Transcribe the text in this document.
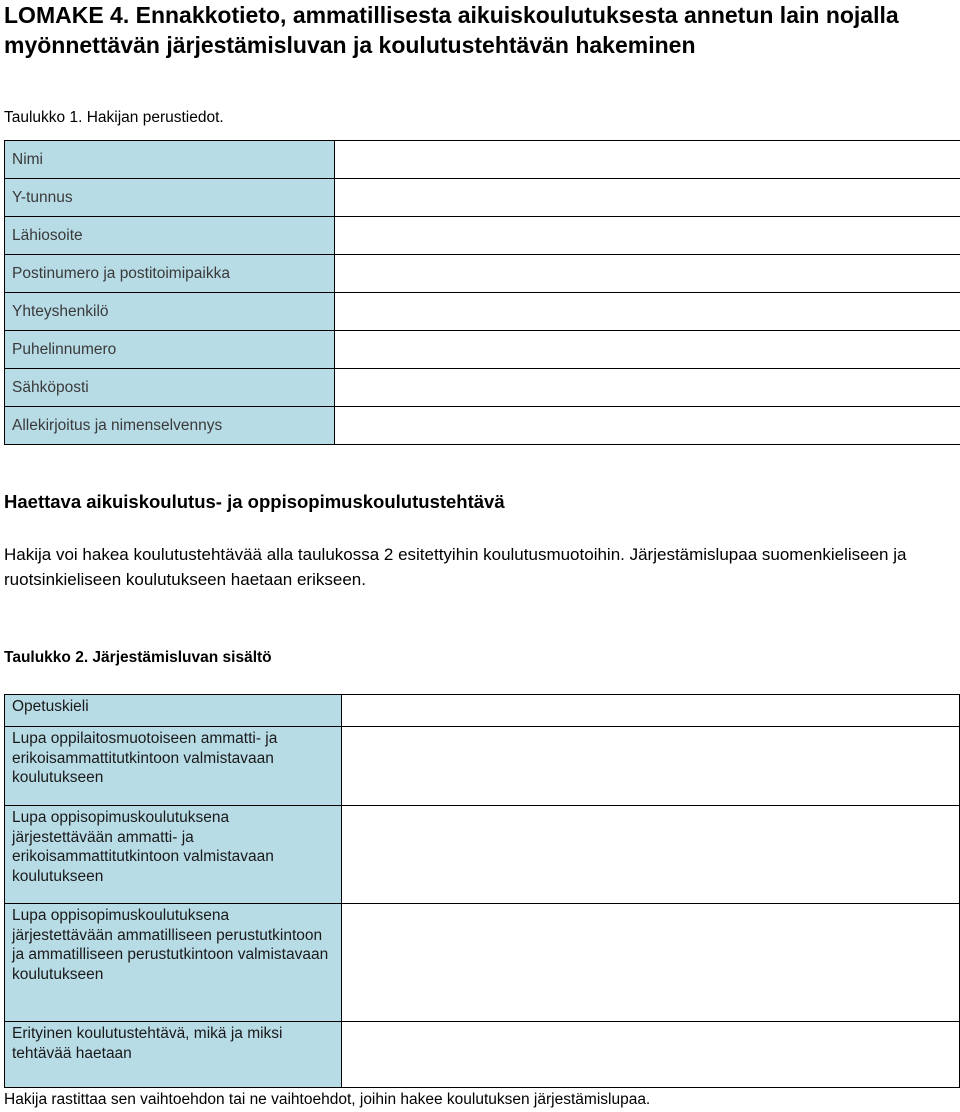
LOMAKE 4. Ennakkotieto, ammatillisesta aikuiskoulutuksesta annetun lain nojalla myönnettävän järjestämisluvan ja koulutustehtävän hakeminen

Taulukko 1. Hakijan perustiedot.

Nimi	
Y-tunnus	
Lähiosoite	
Postinumero ja postitoimipaikka	
Yhteyshenkilö	
Puhelinnumero	
Sähköposti	
Allekirjoitus ja nimenselvennys	
Haettava aikuiskoulutus- ja oppisopimuskoulutustehtävä

Hakija voi hakea koulutustehtävää alla taulukossa 2 esitettyihin koulutusmuotoihin. Järjestämislupaa suomenkieliseen ja ruotsinkieliseen koulutukseen haetaan erikseen.

Taulukko 2. Järjestämisluvan sisältö

Opetuskieli	
Lupa oppilaitosmuotoiseen ammatti- ja erikoisammattitutkintoon valmistavaan koulutukseen	
Lupa oppisopimuskoulutuksena järjestettävään ammatti- ja erikoisammattitutkintoon valmistavaan koulutukseen	
Lupa oppisopimuskoulutuksena järjestettävään ammatilliseen perustutkintoon ja ammatilliseen perustutkintoon valmistavaan koulutukseen	
Erityinen koulutustehtävä, mikä ja miksi tehtävää haetaan	

Hakija rastittaa sen vaihtoehdon tai ne vaihtoehdot, joihin hakee koulutuksen järjestämislupaa.
